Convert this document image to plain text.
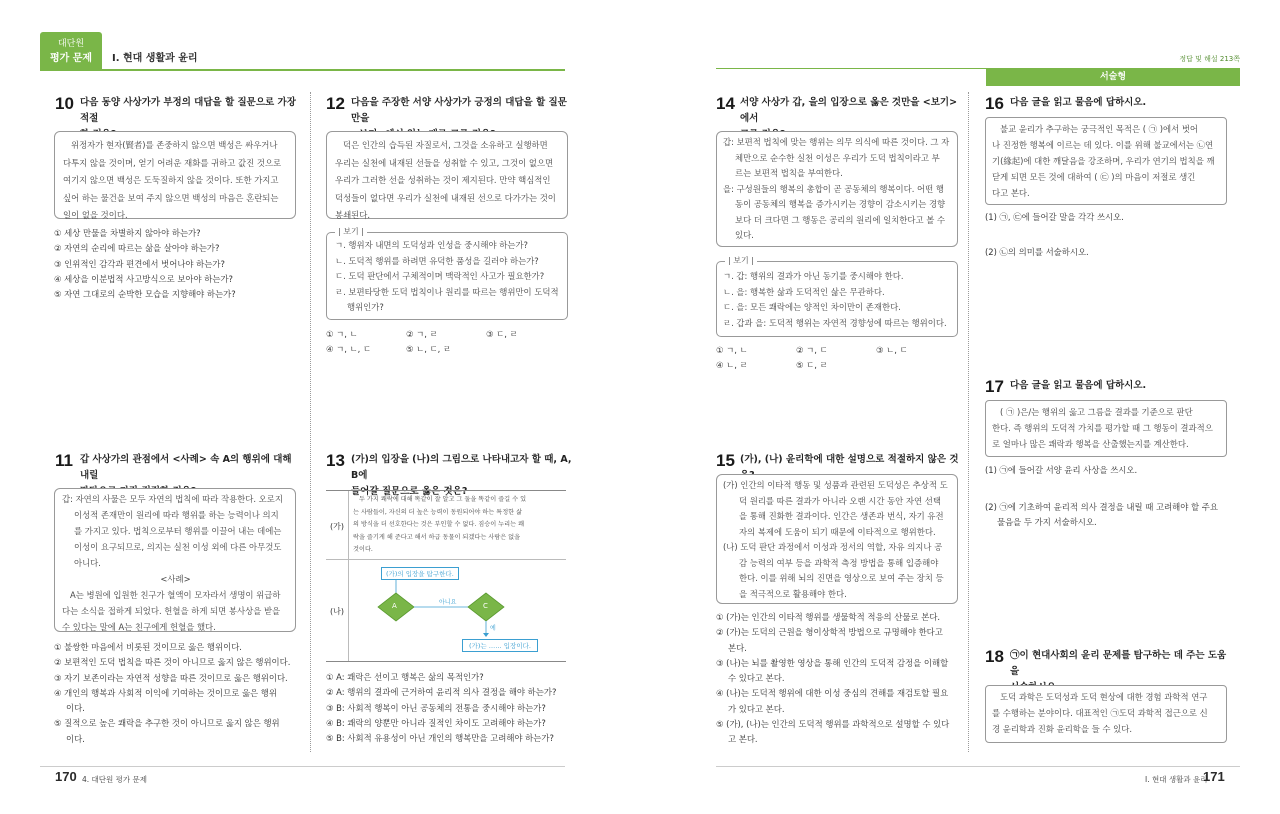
대단원
평가 문제	I. 현대 생활과 윤리	정답 및 해설 213쪽
서술형
10 다음 동양 사상가가 부정의 대답을 할 질문으로 가장 적절
위정자가 현자(賢者)를 존중하지 않으면 백성은 싸우거나
다투지 않을 것이며, 얻기 어려운 재화를 귀하고 값진 것으로
여기지 않으면 백성은 도둑질하지 않을 것이다. 또한 가지고
싶어 하는 물건을 보여 주지 않으면 백성의 마음은 혼란되는
일이 없을 것이다.
① 세상 만물을 차별하지 않아야 하는가?
② 자연의 순리에 따르는 삶을 살아야 하는가?
③ 인위적인 감각과 편견에서 벗어나야 하는가?
④ 세상을 이분법적 사고방식으로 보아야 하는가?
⑤ 자연 그대로의 순박한 모습을 지향해야 하는가?
11 갑 사상가의 관점에서 <사례> 속 A의 행위에 대해 내릴
갑: 자연의 사물은 모두 자연의 법칙에 따라 작용한다. 오로지
이성적 존재만이 원리에 따라 행위를 하는 능력이나 의지
를 가지고 있다. 법칙으로부터 행위를 이끌어 내는 데에는
이성이 요구되므로, 의지는 실천 이성 외에 다른 아무것도
아니다.
<사례>
A는 병원에 입원한 친구가 혈액이 모자라서 생명이 위급하
다는 소식을 접하게 되었다. 헌혈을 하게 되면 봉사상을 받을
수 있다는 말에 A는 친구에게 헌혈을 했다.
① 불쌍한 마음에서 비롯된 것이므로 옳은 행위이다.
② 보편적인 도덕 법칙을 따른 것이 아니므로 옳지 않은 행위이다.
③ 자기 보존이라는 자연적 성향을 따른 것이므로 옳은 행위이다.
④ 개인의 행복과 사회적 이익에 기여하는 것이므로 옳은 행위
이다.
⑤ 질적으로 높은 쾌락을 추구한 것이 아니므로 옳지 않은 행위
이다.
12 다음을 주장한 서양 사상가가 긍정의 대답을 할 질문만을
덕은 인간의 습득된 자질로서, 그것을 소유하고 실행하면
우리는 실천에 내재된 선들을 성취할 수 있고, 그것이 없으면
우리가 그러한 선을 성취하는 것이 제지된다. 만약 핵심적인
덕성들이 없다면 우리가 실천에 내재된 선으로 다가가는 것이
봉쇄된다.
| 보기 |
ㄱ. 행위자 내면의 도덕성과 인성을 중시해야 하는가?
ㄴ. 도덕적 행위를 하려면 유덕한 품성을 길러야 하는가?
ㄷ. 도덕 판단에서 구체적이며 맥락적인 사고가 필요한가?
ㄹ. 보편타당한 도덕 법칙이나 원리를 따르는 행위만이 도덕적
행위인가?
① ㄱ, ㄴ	② ㄱ, ㄹ	③ ㄷ, ㄹ
④ ㄱ, ㄴ, ㄷ	⑤ ㄴ, ㄷ, ㄹ
13 (가)의 입장을 (나)의 그림으로 나타내고자 할 때, A, B에
들어갈 질문으로 옳은 것은?
(가)
두 가지 쾌락에 대해 똑같이 잘 알고 그 둘을 똑같이 즐길 수 있
는 사람들이, 자신의 더 높은 능력이 동원되어야 하는 특정한 삶
의 방식을 더 선호한다는 것은 부인할 수 없다. 짐승이 누리는 쾌
락을 즐기게 해 준다고 해서 하급 동물이 되겠다는 사람은 없을
것이다.
(나)
(가)의 입장을 탐구한다.
A	C
아니요
예
(가)는 …… 입장이다.
① A: 쾌락은 선이고 행복은 삶의 목적인가?
② A: 행위의 결과에 근거하여 윤리적 의사 결정을 해야 하는가?
③ B: 사회적 행복이 아닌 공동체의 전통을 중시해야 하는가?
④ B: 쾌락의 양뿐만 아니라 질적인 차이도 고려해야 하는가?
⑤ B: 사회적 유용성이 아닌 개인의 행복만을 고려해야 하는가?
14 서양 사상가 갑, 을의 입장으로 옳은 것만을 <보기>에서
갑: 보편적 법칙에 맞는 행위는 의무 의식에 따른 것이다. 그 자
체만으로 순수한 실천 이성은 우리가 도덕 법칙이라고 부
르는 보편적 법칙을 부여한다.
을: 구성원들의 행복의 총합이 곧 공동체의 행복이다. 어떤 행
동이 공동체의 행복을 증가시키는 경향이 감소시키는 경향
보다 더 크다면 그 행동은 공리의 원리에 일치한다고 볼 수
있다.
| 보기 |
ㄱ. 갑: 행위의 결과가 아닌 동기를 중시해야 한다.
ㄴ. 을: 행복한 삶과 도덕적인 삶은 무관하다.
ㄷ. 을: 모든 쾌락에는 양적인 차이만이 존재한다.
ㄹ. 갑과 을: 도덕적 행위는 자연적 경향성에 따르는 행위이다.
① ㄱ, ㄴ	② ㄱ, ㄷ	③ ㄴ, ㄷ
④ ㄴ, ㄹ	⑤ ㄷ, ㄹ
15 (가), (나) 윤리학에 대한 설명으로 적절하지 않은 것
(가) 인간의 이타적 행동 및 성품과 관련된 도덕성은 추상적 도
덕 원리를 따른 결과가 아니라 오랜 시간 동안 자연 선택
을 통해 진화한 결과이다. 인간은 생존과 번식, 자기 유전
자의 복제에 도움이 되기 때문에 이타적으로 행위한다.
(나) 도덕 판단 과정에서 이성과 정서의 역할, 자유 의지나 공
감 능력의 여부 등을 과학적 측정 방법을 통해 입증해야
한다. 이를 위해 뇌의 진면을 영상으로 보여 주는 장치 등
을 적극적으로 활용해야 한다.
① (가)는 인간의 이타적 행위를 생물학적 적응의 산물로 본다.
② (가)는 도덕의 근원을 형이상학적 방법으로 규명해야 한다고
본다.
③ (나)는 뇌를 촬영한 영상을 통해 인간의 도덕적 감정을 이해할
수 있다고 본다.
④ (나)는 도덕적 행위에 대한 이성 중심의 견해를 재검토할 필요
가 있다고 본다.
⑤ (가), (나)는 인간의 도덕적 행위를 과학적으로 설명할 수 있다
고 본다.
16 다음 글을 읽고 물음에 답하시오.
불교 윤리가 추구하는 궁극적인 목적은 ( ㉠ )에서 벗어
나 진정한 행복에 이르는 데 있다. 이를 위해 불교에서는 ㉡연
기(緣起)에 대한 깨달음을 강조하며, 우리가 연기의 법칙을 깨
닫게 되면 모든 것에 대하여 ( ㉢ )의 마음이 저절로 생긴
다고 본다.
(1) ㉠, ㉢에 들어갈 말을 각각 쓰시오.
(2) ㉡의 의미를 서술하시오.
17 다음 글을 읽고 물음에 답하시오.
( ㉠ )은/는 행위의 옳고 그름을 결과를 기준으로 판단
한다. 즉 행위의 도덕적 가치를 평가할 때 그 행동이 결과적으
로 얼마나 많은 쾌락과 행복을 산출했는지를 계산한다.
(1) ㉠에 들어갈 서양 윤리 사상을 쓰시오.
(2) ㉠에 기초하여 윤리적 의사 결정을 내릴 때 고려해야 할 주요
물음을 두 가지 서술하시오.
18 ㉠이 현대사회의 윤리 문제를 탐구하는 데 주는 도움을
도덕 과학은 도덕성과 도덕 현상에 대한 경험 과학적 연구
를 수행하는 분야이다. 대표적인 ㉠도덕 과학적 접근으로 신
경 윤리학과 진화 윤리학을 들 수 있다.
170 4. 대단원 평가 문제	I. 현대 생활과 윤리
171
